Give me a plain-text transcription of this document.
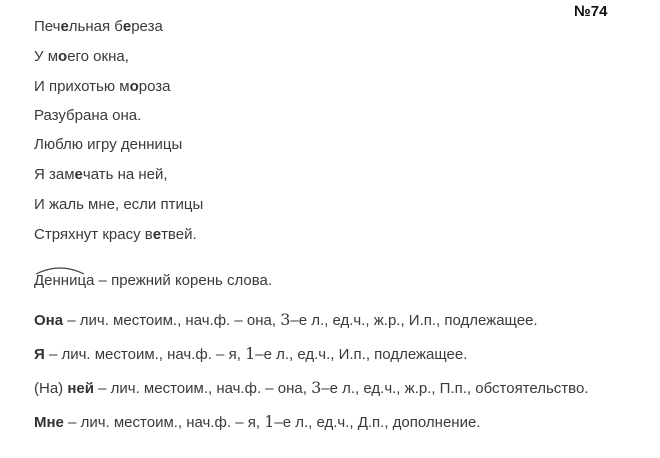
№74
Печельная береза
У моего окна,
И прихотью мороза
Разубрана она.
Люблю игру денницы
Я замечать на ней,
И жаль мне, если птицы
Стряхнут красу ветвей.
Денница – прежний корень слова.
Она – лич. местоим., нач.ф. – она, 3–е л., ед.ч., ж.р., И.п., подлежащее.
Я – лич. местоим., нач.ф. – я, 1–е л., ед.ч., И.п., подлежащее.
(На) ней – лич. местоим., нач.ф. – она, 3–е л., ед.ч., ж.р., П.п., обстоятельство.
Мне – лич. местоим., нач.ф. – я, 1–е л., ед.ч., Д.п., дополнение.
